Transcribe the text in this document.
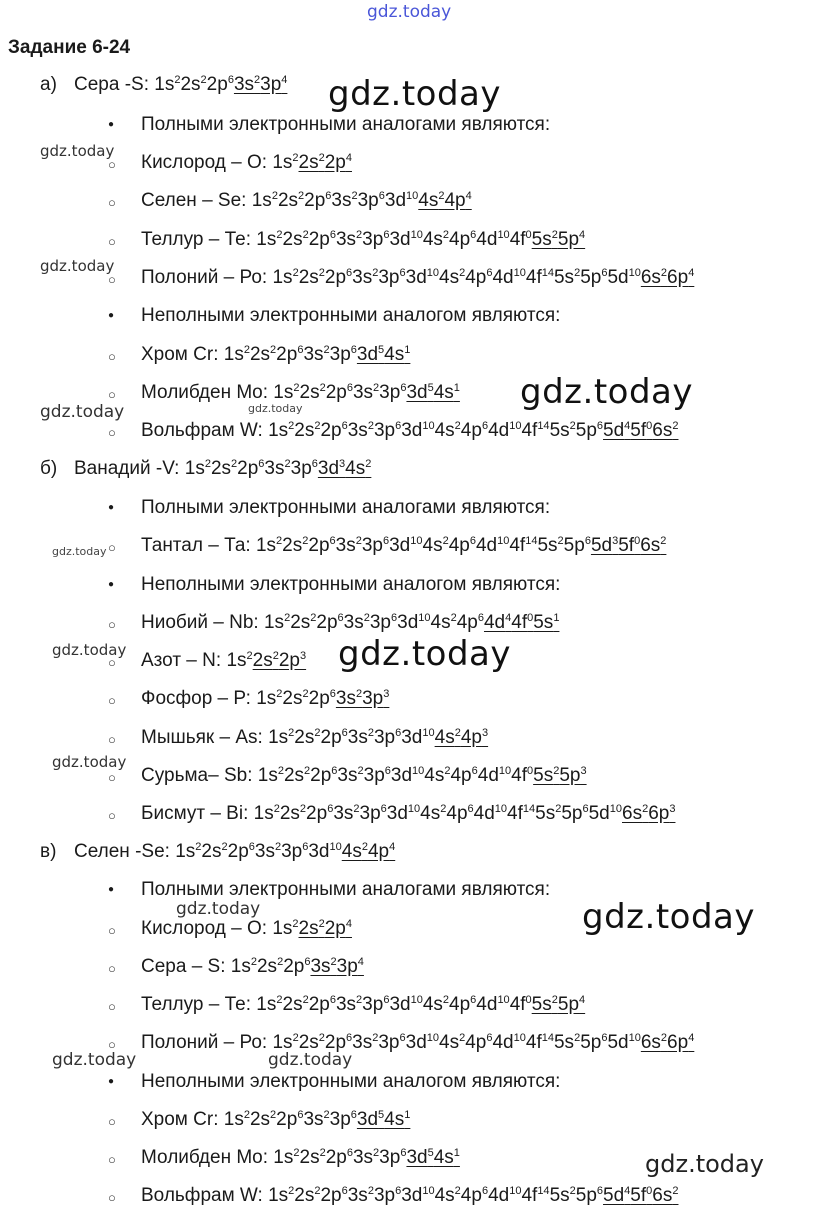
gdz.today
Задание 6-24
а) Сера -S: $1s^22s^22p^63s^23p^4$
● Полными электронными аналогами являются:
○ Кислород – О: $1s^22s^22p^4$
○ Селен – Se: $1s^22s^22p^63s^23p^63d^{10}4s^24p^4$
○ Теллур – Те: $1s^22s^22p^63s^23p^63d^{10}4s^24p^64d^{10}4f^05s^25p^4$
○ Полоний – Ро: $1s^22s^22p^63s^23p^63d^{10}4s^24p^64d^{10}4f^{14}5s^25p^65d^{10}6s^26p^4$
● Неполными электронными аналогом являются:
○ Хром Cr: $1s^22s^22p^63s^23p^63d^54s^1$
○ Молибден Mo: $1s^22s^22p^63s^23p^63d^54s^1$
○ Вольфрам W: $1s^22s^22p^63s^23p^63d^{10}4s^24p^64d^{10}4f^{14}5s^25p^65d^45f^06s^2$
б) Ванадий -V: $1s^22s^22p^63s^23p^63d^34s^2$
● Полными электронными аналогами являются:
○ Тантал – Та: $1s^22s^22p^63s^23p^63d^{10}4s^24p^64d^{10}4f^{14}5s^25p^65d^35f^06s^2$
● Неполными электронными аналогом являются:
○ Ниобий – Nb: $1s^22s^22p^63s^23p^63d^{10}4s^24p^64d^44f^05s^1$
○ Азот – N: $1s^22s^22p^3$
○ Фосфор – Р: $1s^22s^22p^63s^23p^3$
○ Мышьяк – As: $1s^22s^22p^63s^23p^63d^{10}4s^24p^3$
○ Сурьма– Sb: $1s^22s^22p^63s^23p^63d^{10}4s^24p^64d^{10}4f^05s^25p^3$
○ Бисмут – Bi: $1s^22s^22p^63s^23p^63d^{10}4s^24p^64d^{10}4f^{14}5s^25p^65d^{10}6s^26p^3$
в) Селен -Se: $1s^22s^22p^63s^23p^63d^{10}4s^24p^4$
● Полными электронными аналогами являются:
○ Кислород – О: $1s^22s^22p^4$
○ Сера – S: $1s^22s^22p^63s^23p^4$
○ Теллур – Те: $1s^22s^22p^63s^23p^63d^{10}4s^24p^64d^{10}4f^05s^25p^4$
○ Полоний – Ро: $1s^22s^22p^63s^23p^63d^{10}4s^24p^64d^{10}4f^{14}5s^25p^65d^{10}6s^26p^4$
● Неполными электронными аналогом являются:
○ Хром Cr: $1s^22s^22p^63s^23p^63d^54s^1$
○ Молибден Mo: $1s^22s^22p^63s^23p^63d^54s^1$
○ Вольфрам W: $1s^22s^22p^63s^23p^63d^{10}4s^24p^64d^{10}4f^{14}5s^25p^65d^45f^06s^2$
gdz.today
gdz.today
gdz.today
gdz.today
gdz.today	gdz.today
gdz.today
gdz.today	gdz.today
gdz.today
gdz.today	gdz.today
gdz.today	gdz.today
gdz.today
